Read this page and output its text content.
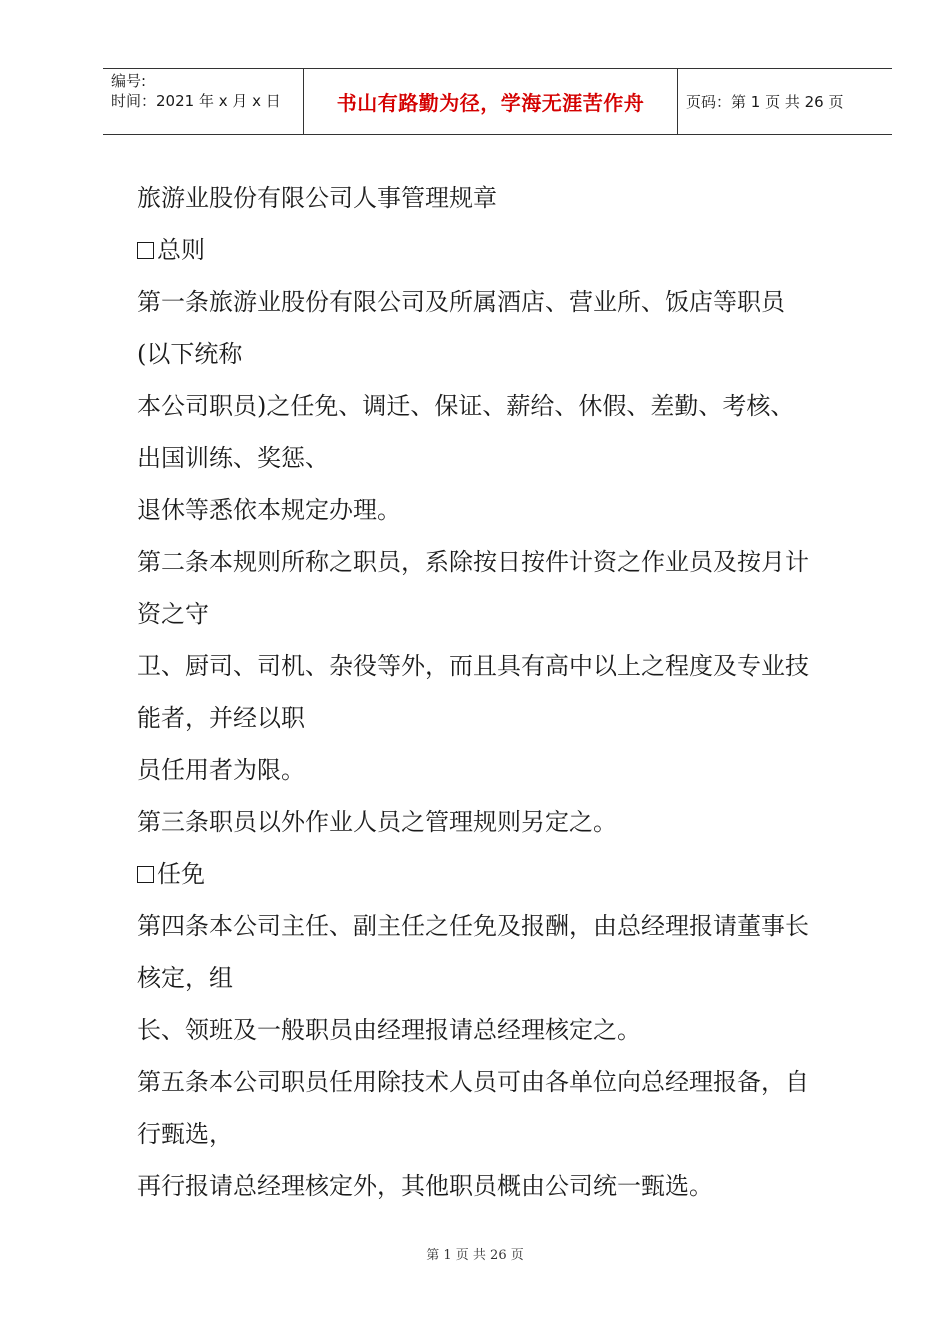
编号:
时间：2021 年 x 月 x 日	书山有路勤为径，学海无涯苦作舟	页码：第 1 页 共 26 页

旅游业股份有限公司人事管理规章

总则

第一条旅游业股份有限公司及所属酒店、营业所、饭店等职员

(以下统称

本公司职员)之任免、调迁、保证、薪给、休假、差勤、考核、

出国训练、奖惩、

退休等悉依本规定办理。

第二条本规则所称之职员，系除按日按件计资之作业员及按月计

资之守

卫、厨司、司机、杂役等外，而且具有高中以上之程度及专业技

能者，并经以职

员任用者为限。

第三条职员以外作业人员之管理规则另定之。

任免

第四条本公司主任、副主任之任免及报酬，由总经理报请董事长

核定，组

长、领班及一般职员由经理报请总经理核定之。

第五条本公司职员任用除技术人员可由各单位向总经理报备，自

行甄选，

再行报请总经理核定外，其他职员概由公司统一甄选。

第 1 页 共 26 页
